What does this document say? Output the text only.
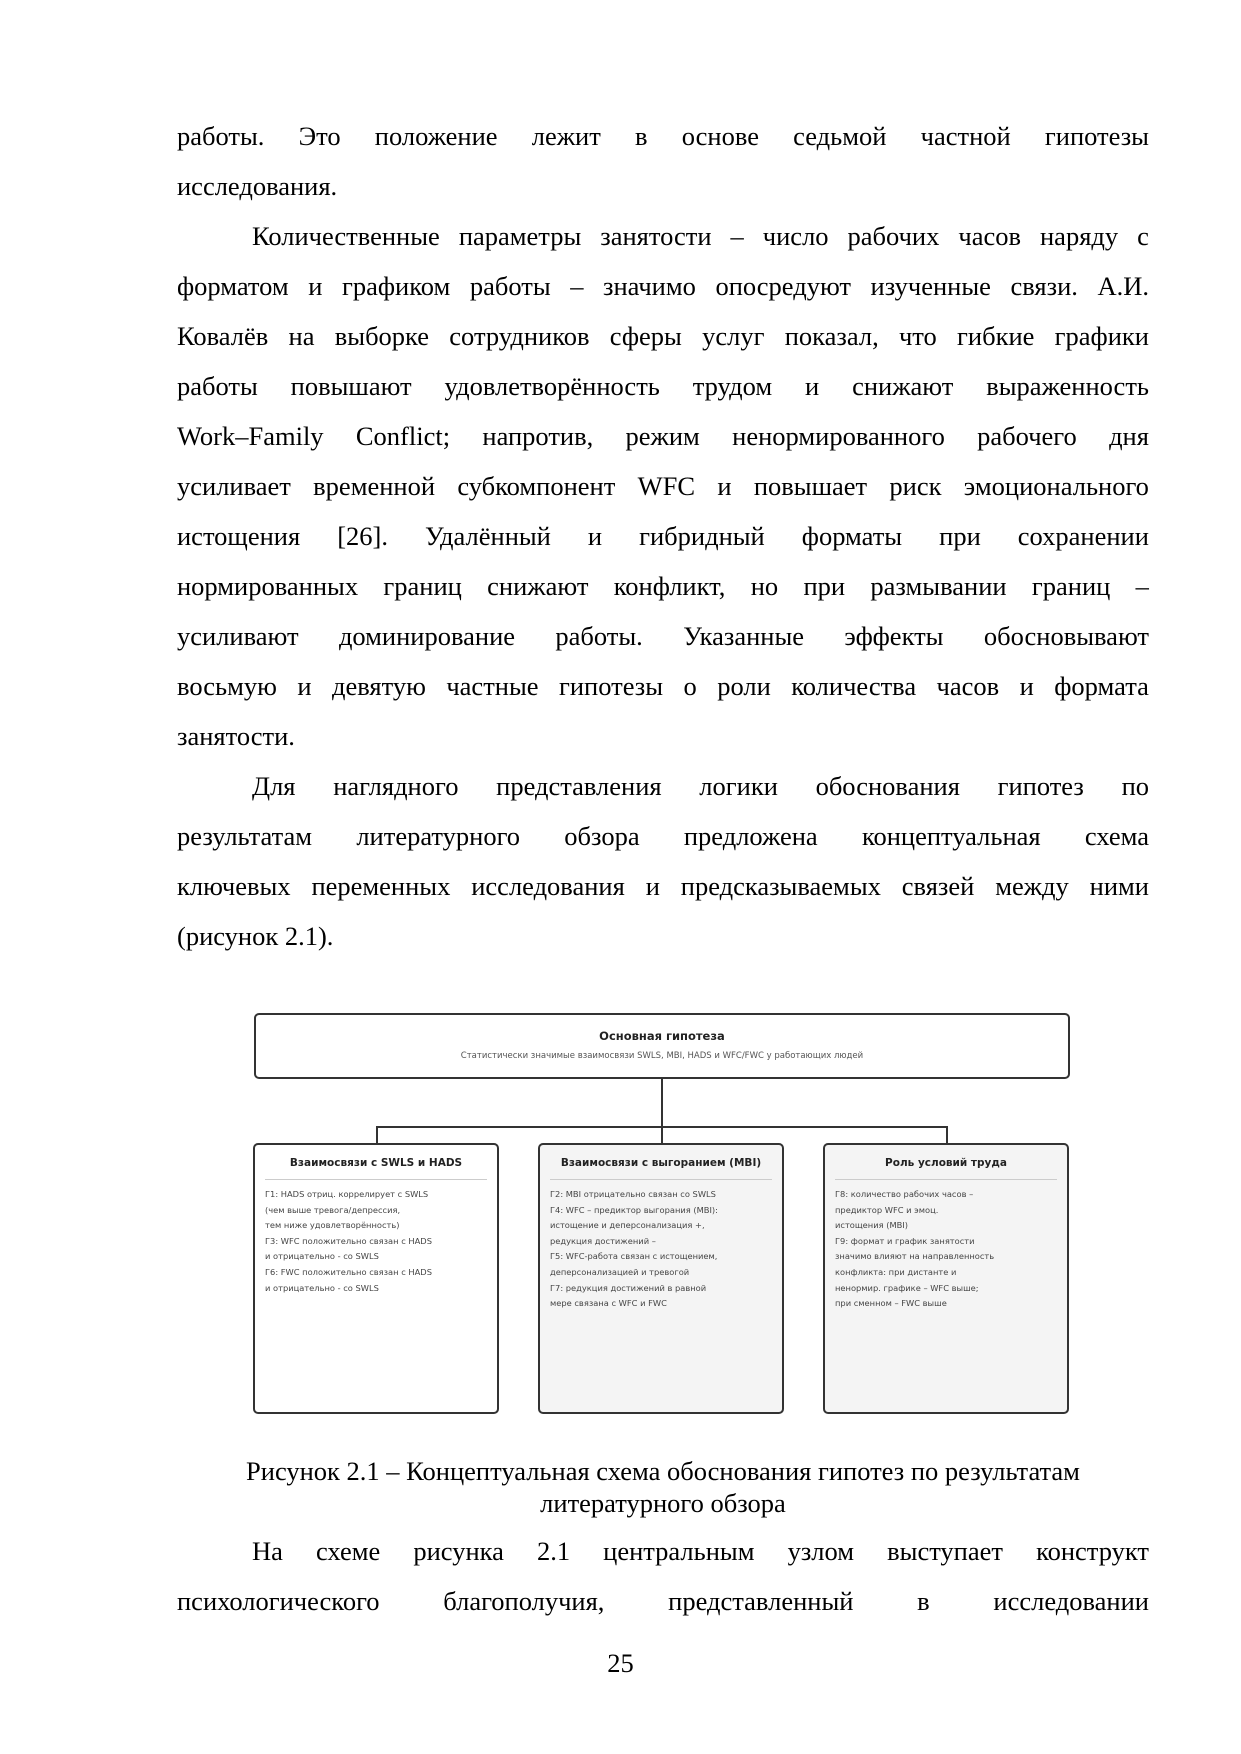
работы. Это положение лежит в основе седьмой частной гипотезы
исследования.
Количественные параметры занятости – число рабочих часов наряду с
форматом и графиком работы – значимо опосредуют изученные связи. А.И.
Ковалёв на выборке сотрудников сферы услуг показал, что гибкие графики
работы повышают удовлетворённость трудом и снижают выраженность
Work–Family Conflict; напротив, режим ненормированного рабочего дня
усиливает временной субкомпонент WFC и повышает риск эмоционального
истощения [26]. Удалённый и гибридный форматы при сохранении
нормированных границ снижают конфликт, но при размывании границ –
усиливают доминирование работы. Указанные эффекты обосновывают
восьмую и девятую частные гипотезы о роли количества часов и формата
занятости.
Для наглядного представления логики обоснования гипотез по
результатам литературного обзора предложена концептуальная схема
ключевых переменных исследования и предсказываемых связей между ними
(рисунок 2.1).
Основная гипотеза
Статистически значимые взаимосвязи SWLS, MBI, HADS и WFC/FWC у работающих людей
Взаимосвязи с SWLS и HADS
Г1: HADS отриц. коррелирует с SWLS
(чем выше тревога/депрессия,
тем ниже удовлетворённость)
Г3: WFC положительно связан с HADS
и отрицательно - со SWLS
Г6: FWC положительно связан с HADS
и отрицательно - со SWLS
Взаимосвязи с выгоранием (MBI)
Г2: MBI отрицательно связан со SWLS
Г4: WFC – предиктор выгорания (MBI):
истощение и деперсонализация +,
редукция достижений –
Г5: WFC-работа связан с истощением,
деперсонализацией и тревогой
Г7: редукция достижений в равной
мере связана с WFC и FWC
Роль условий труда
Г8: количество рабочих часов –
предиктор WFC и эмоц.
истощения (MBI)
Г9: формат и график занятости
значимо влияют на направленность
конфликта: при дистанте и
ненормир. графике – WFC выше;
при сменном – FWC выше
Рисунок 2.1 – Концептуальная схема обоснования гипотез по результатам
литературного обзора
На схеме рисунка 2.1 центральным узлом выступает конструкт
психологического благополучия, представленный в исследовании
25
